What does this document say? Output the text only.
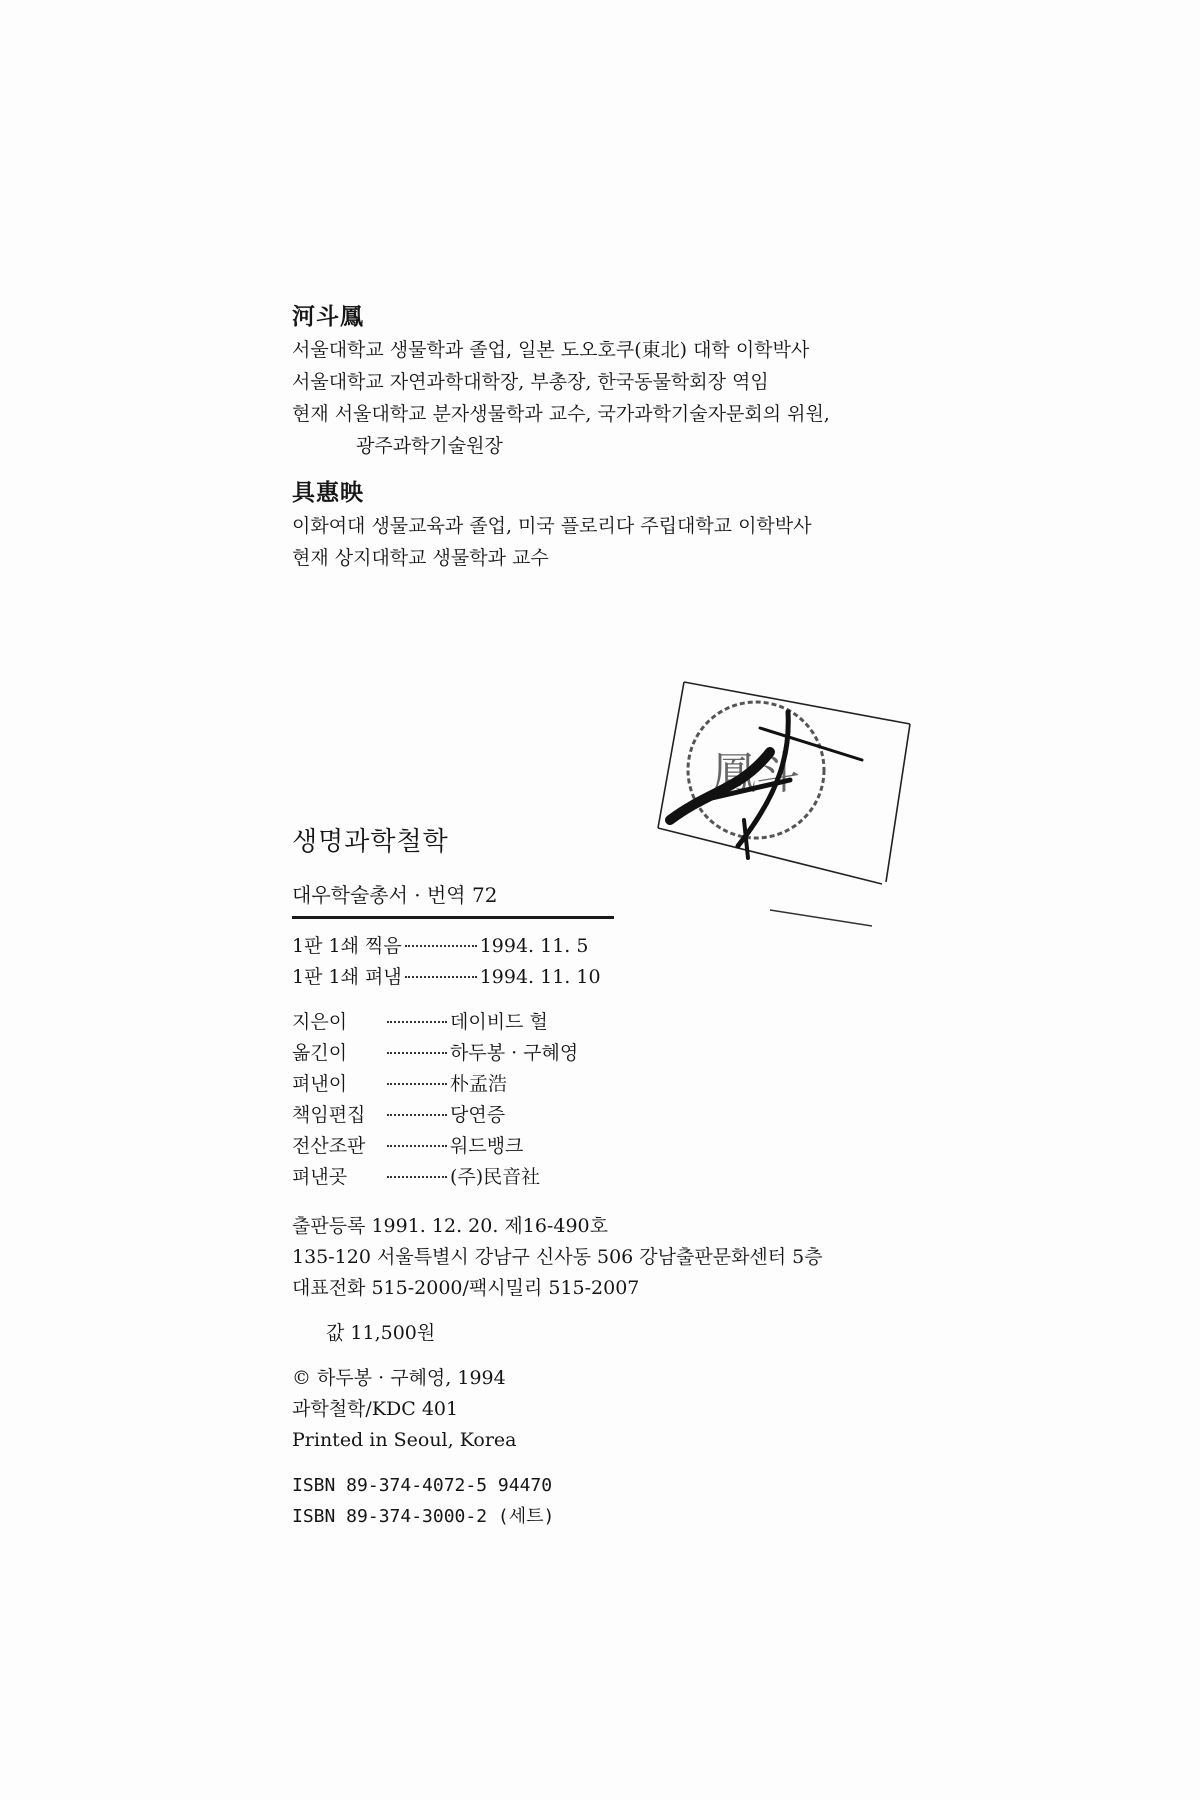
河斗鳳
서울대학교 생물학과 졸업, 일본 도오호쿠(東北) 대학 이학박사
서울대학교 자연과학대학장, 부총장, 한국동물학회장 역임
현재 서울대학교 분자생물학과 교수, 국가과학기술자문회의 위원,
광주과학기술원장
具惠映
이화여대 생물교육과 졸업, 미국 플로리다 주립대학교 이학박사
현재 상지대학교 생물학과 교수
鳳斗
생명과학철학
대우학술총서 · 번역 72
1판 1쇄 찍음	1994. 11. 5
1판 1쇄 펴냄	1994. 11. 10
지은이	데이비드 헐
옮긴이	하두봉 · 구혜영
펴낸이	朴孟浩
책임편집	당연증
전산조판	워드뱅크
펴낸곳	(주)民音社
출판등록 1991. 12. 20. 제16-490호
135-120 서울특별시 강남구 신사동 506 강남출판문화센터 5층
대표전화 515-2000/팩시밀리 515-2007
값 11,500원
© 하두봉 · 구혜영, 1994
과학철학/KDC 401
Printed in Seoul, Korea
ISBN 89-374-4072-5 94470
ISBN 89-374-3000-2 (세트)
